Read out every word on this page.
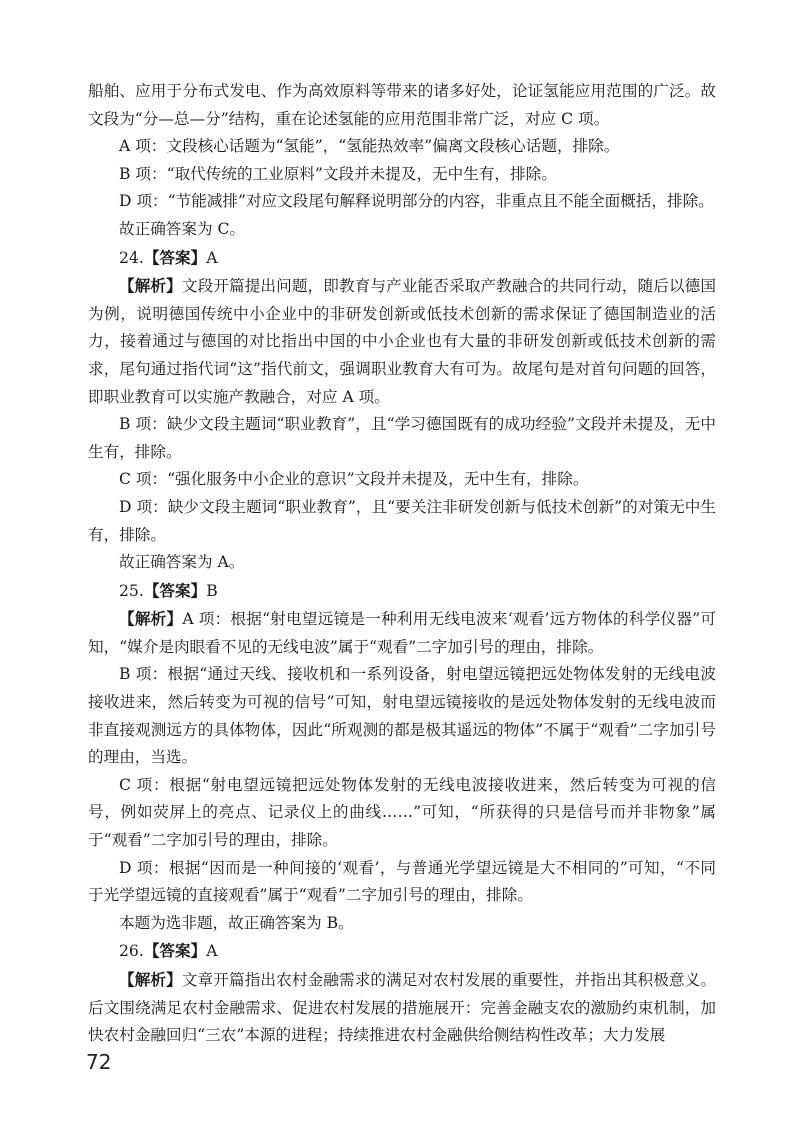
船舶、应用于分布式发电、作为高效原料等带来的诸多好处，论证氢能应用范围的广泛。故文段为“分—总—分”结构，重在论述氢能的应用范围非常广泛，对应 C 项。

A 项：文段核心话题为“氢能”，“氢能热效率”偏离文段核心话题，排除。

B 项：“取代传统的工业原料”文段并未提及，无中生有，排除。

D 项：“节能减排”对应文段尾句解释说明部分的内容，非重点且不能全面概括，排除。

故正确答案为 C。

24.【答案】A

【解析】文段开篇提出问题，即教育与产业能否采取产教融合的共同行动，随后以德国为例，说明德国传统中小企业中的非研发创新或低技术创新的需求保证了德国制造业的活力，接着通过与德国的对比指出中国的中小企业也有大量的非研发创新或低技术创新的需求，尾句通过指代词“这”指代前文，强调职业教育大有可为。故尾句是对首句问题的回答，即职业教育可以实施产教融合，对应 A 项。

B 项：缺少文段主题词“职业教育”，且“学习德国既有的成功经验”文段并未提及，无中生有，排除。

C 项：“强化服务中小企业的意识”文段并未提及，无中生有，排除。

D 项：缺少文段主题词“职业教育”，且“要关注非研发创新与低技术创新”的对策无中生有，排除。

故正确答案为 A。

25.【答案】B

【解析】A 项：根据“射电望远镜是一种利用无线电波来‘观看’远方物体的科学仪器”可知，“媒介是肉眼看不见的无线电波”属于“观看”二字加引号的理由，排除。

B 项：根据“通过天线、接收机和一系列设备，射电望远镜把远处物体发射的无线电波接收进来，然后转变为可视的信号”可知，射电望远镜接收的是远处物体发射的无线电波而非直接观测远方的具体物体，因此“所观测的都是极其遥远的物体”不属于“观看”二字加引号的理由，当选。

C 项：根据“射电望远镜把远处物体发射的无线电波接收进来，然后转变为可视的信号，例如荧屏上的亮点、记录仪上的曲线……”可知，“所获得的只是信号而并非物象”属于“观看”二字加引号的理由，排除。

D 项：根据“因而是一种间接的‘观看’，与普通光学望远镜是大不相同的”可知，“不同于光学望远镜的直接观看”属于“观看”二字加引号的理由，排除。

本题为选非题，故正确答案为 B。

26.【答案】A

【解析】文章开篇指出农村金融需求的满足对农村发展的重要性，并指出其积极意义。后文围绕满足农村金融需求、促进农村发展的措施展开：完善金融支农的激励约束机制，加快农村金融回归“三农”本源的进程；持续推进农村金融供给侧结构性改革；大力发展

72
